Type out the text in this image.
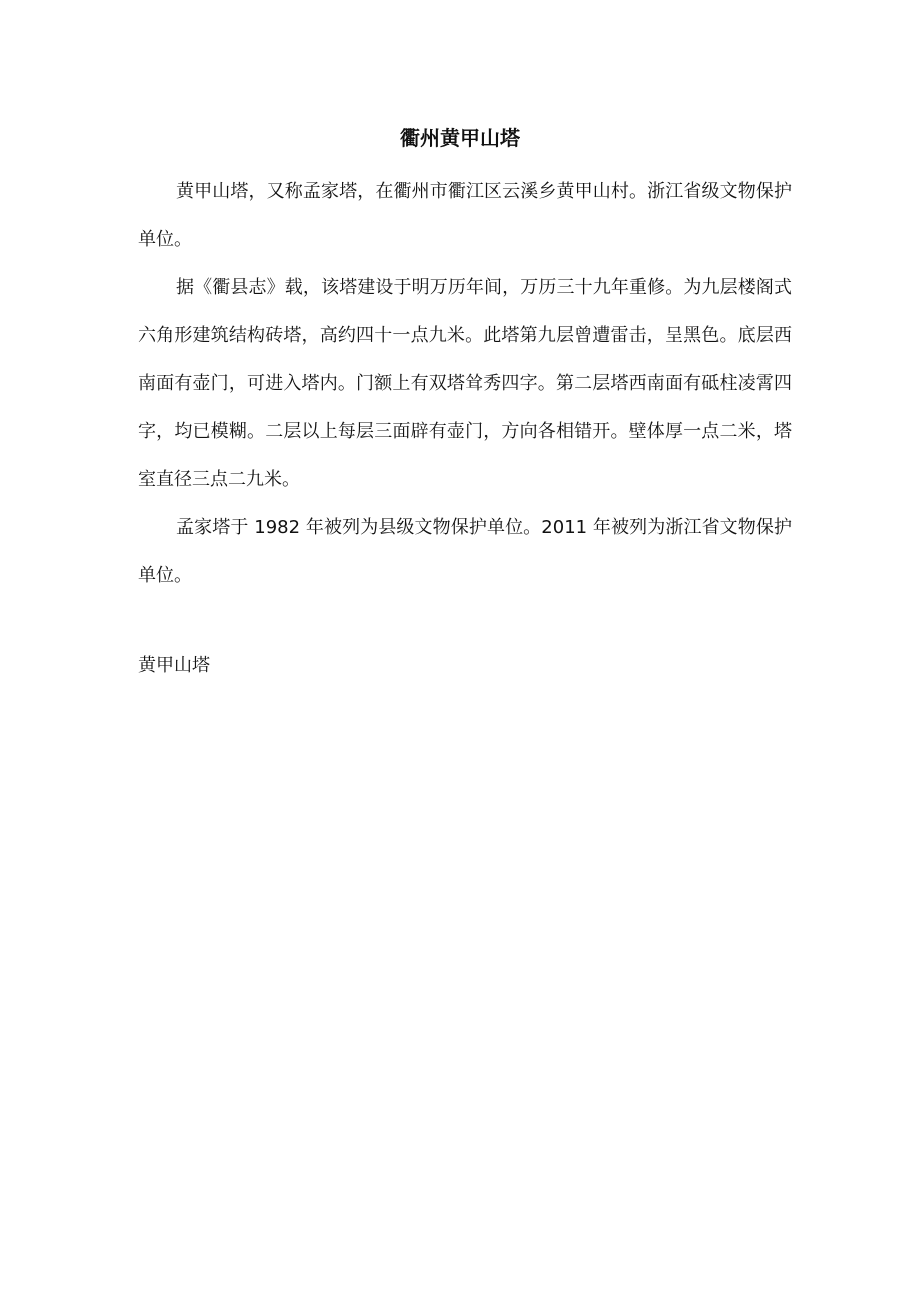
衢州黄甲山塔

黄甲山塔，又称孟家塔，在衢州市衢江区云溪乡黄甲山村。浙江省级文物保护单位。

据《衢县志》载，该塔建设于明万历年间，万历三十九年重修。为九层楼阁式六角形建筑结构砖塔，高约四十一点九米。此塔第九层曾遭雷击，呈黑色。底层西南面有壶门，可进入塔内。门额上有双塔耸秀四字。第二层塔西南面有砥柱凌霄四字，均已模糊。二层以上每层三面辟有壶门，方向各相错开。壁体厚一点二米，塔室直径三点二九米。

孟家塔于 1982 年被列为县级文物保护单位。2011 年被列为浙江省文物保护单位。

黄甲山塔
